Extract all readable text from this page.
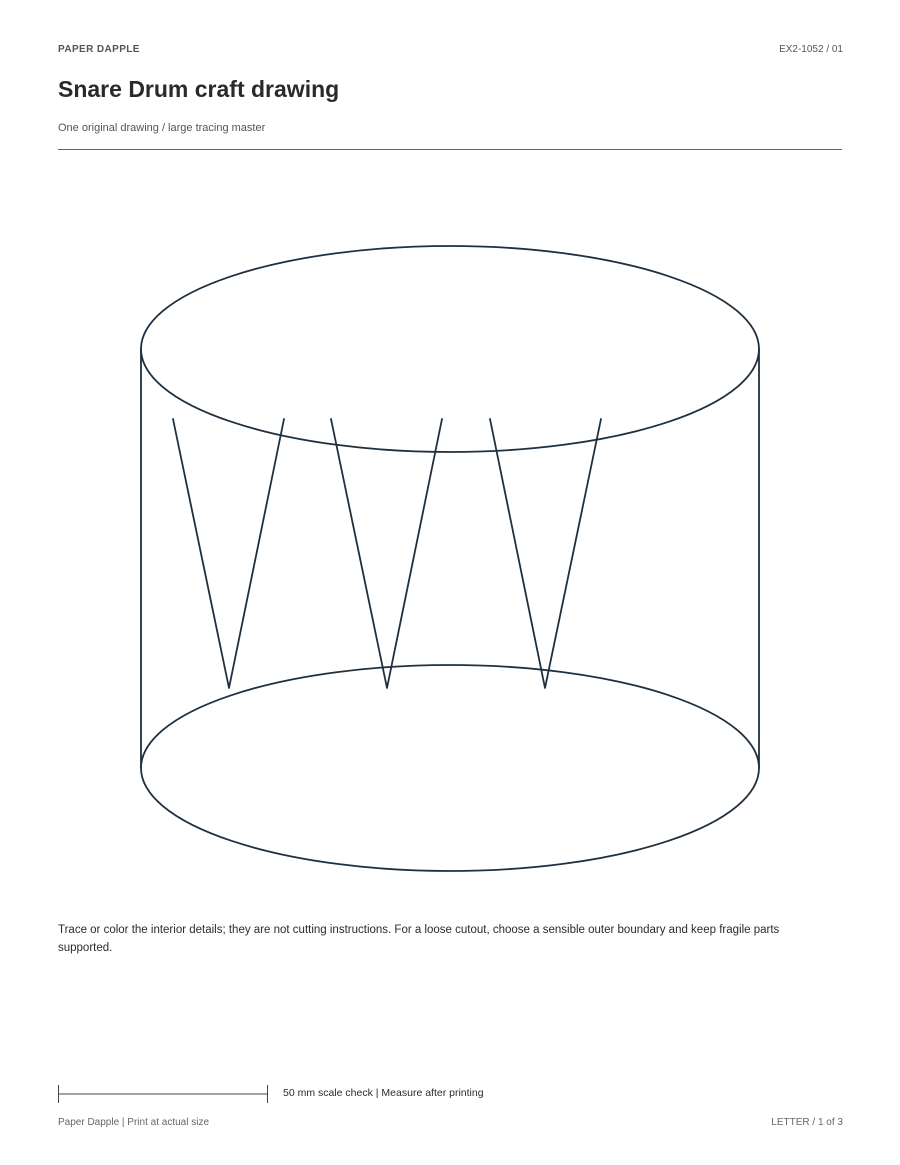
PAPER DAPPLE	EX2-1052 / 01
Snare Drum craft drawing
One original drawing / large tracing master
Trace or color the interior details; they are not cutting instructions. For a loose cutout, choose a sensible outer boundary and keep fragile parts supported.
50 mm scale check | Measure after printing
Paper Dapple | Print at actual size	LETTER / 1 of 3
